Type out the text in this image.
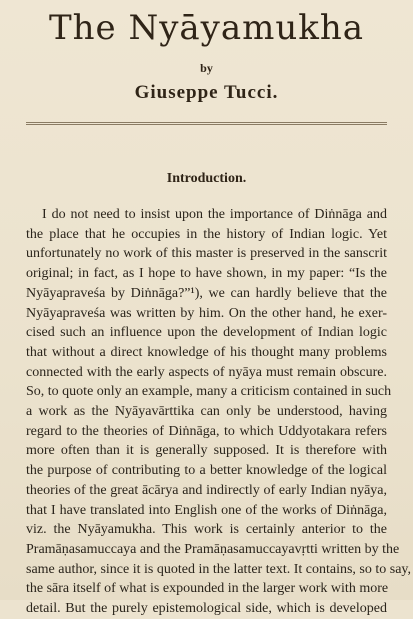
The Nyāyamukha
by
Giuseppe Tucci.
Introduction.
I do not need to insist upon the importance of Diṅnāga and
the place that he occupies in the history of Indian logic. Yet
unfortunately no work of this master is preserved in the sanscrit
original; in fact, as I hope to have shown, in my paper: “Is the
Nyāyapraveśa by Diṅnāga?”¹), we can hardly believe that the
Nyāyapraveśa was written by him. On the other hand, he exer-
cised such an influence upon the development of Indian logic
that without a direct knowledge of his thought many problems
connected with the early aspects of nyāya must remain obscure.
So, to quote only an example, many a criticism contained in such
a work as the Nyāyavārttika can only be understood, having
regard to the theories of Diṅnāga, to which Uddyotakara refers
more often than it is generally supposed. It is therefore with
the purpose of contributing to a better knowledge of the logical
theories of the great ācārya and indirectly of early Indian nyāya,
that I have translated into English one of the works of Diṅnāga,
viz. the Nyāyamukha. This work is certainly anterior to the
Pramāṇasamuccaya and the Pramāṇasamuccayavṛtti written by the
same author, since it is quoted in the latter text. It contains, so to say,
the sāra itself of what is expounded in the larger work with more
detail. But the purely epistemological side, which is developed
